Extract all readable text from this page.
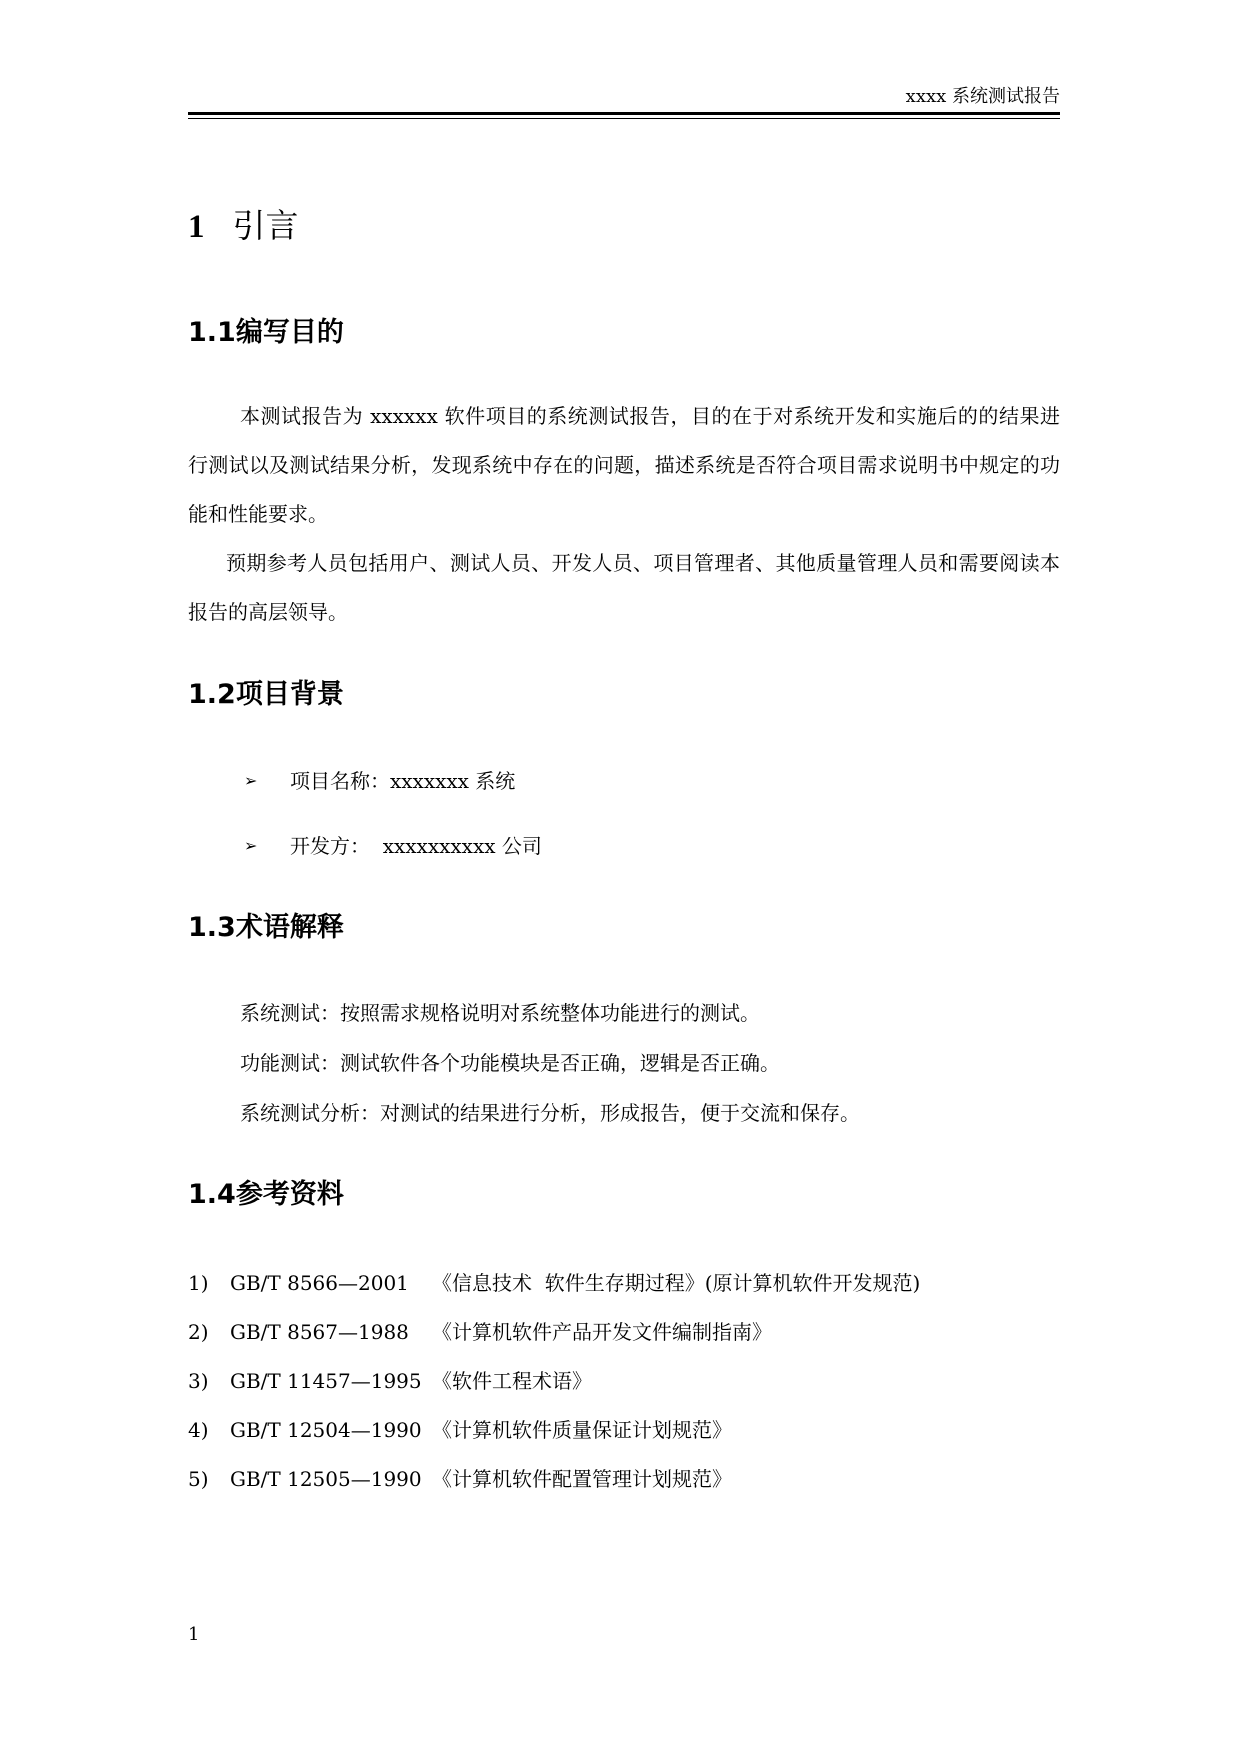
xxxx 系统测试报告
1 引言
1.1编写目的

本测试报告为 xxxxxx 软件项目的系统测试报告，目的在于对系统开发和实施后的的结果进行测试以及测试结果分析，发现系统中存在的问题，描述系统是否符合项目需求说明书中规定的功能和性能要求。

预期参考人员包括用户、测试人员、开发人员、项目管理者、其他质量管理人员和需要阅读本报告的高层领导。

1.2项目背景
➢	项目名称：xxxxxxx 系统
➢	开发方：  xxxxxxxxxx 公司
1.3术语解释
系统测试：按照需求规格说明对系统整体功能进行的测试。
功能测试：测试软件各个功能模块是否正确，逻辑是否正确。
系统测试分析：对测试的结果进行分析，形成报告，便于交流和保存。
1.4参考资料
1) GB/T 8566—2001 《信息技术  软件生存期过程》(原计算机软件开发规范)
2) GB/T 8567—1988 《计算机软件产品开发文件编制指南》
3) GB/T 11457—1995 《软件工程术语》
4) GB/T 12504—1990 《计算机软件质量保证计划规范》
5) GB/T 12505—1990 《计算机软件配置管理计划规范》
1
